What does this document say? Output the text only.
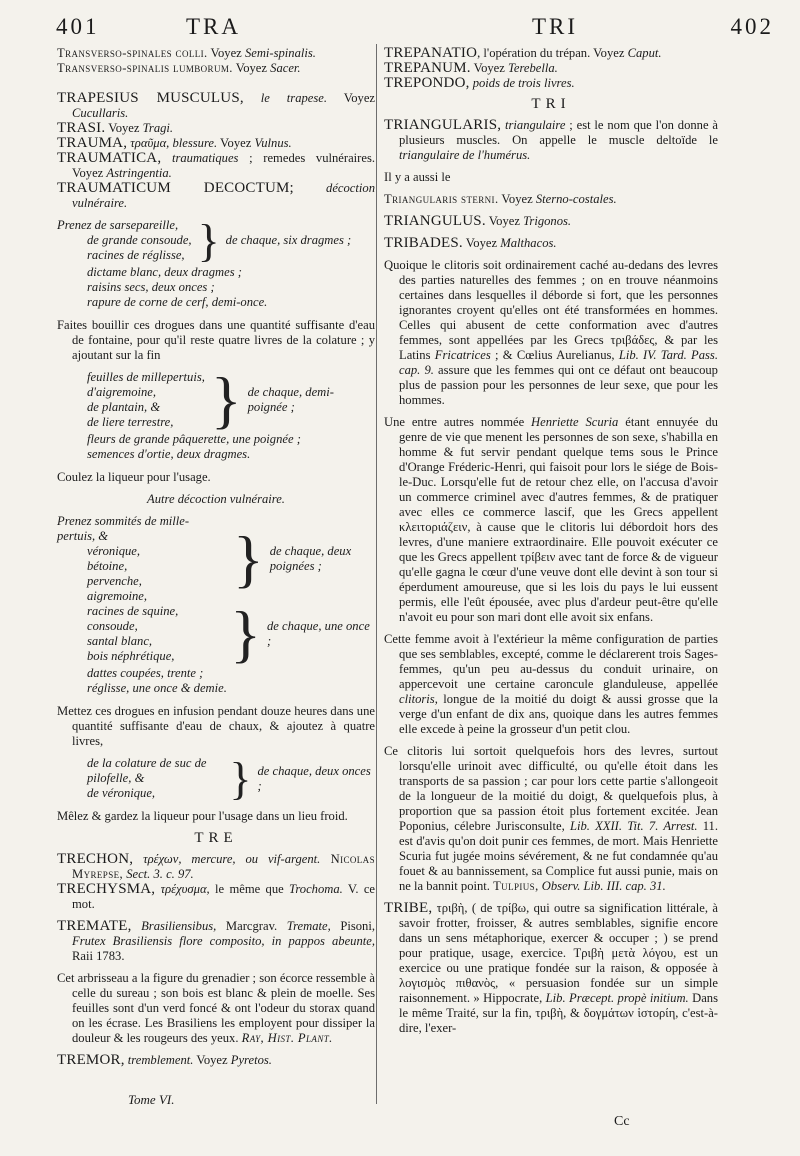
401	TRA	TRI	402

Transverso-spinales colli. Voyez Semi-spinalis.

Transverso-spinalis lumborum. Voyez Sacer.

TRAPESIUS MUSCULUS, le trapese. Voyez Cucullaris.

TRASI. Voyez Tragi.

TRAUMA, τραῦμα, blessure. Voyez Vulnus.

TRAUMATICA, traumatiques ; remedes vulnéraires. Voyez Astringentia.

TRAUMATICUM DECOCTUM; décoction vulnéraire.

Prenez de sarsepareille,
de grande consoude,
racines de réglisse, } de chaque, six dragmes ;
dictame blanc, deux dragmes ;
raisins secs, deux onces ;
rapure de corne de cerf, demi-once.

Faites bouillir ces drogues dans une quantité suffisante d'eau de fontaine, pour qu'il reste quatre livres de la colature ; y ajoutant sur la fin

feuilles de millepertuis,
d'aigremoine,
de plantain, &
de liere terrestre, } de chaque, demi-poignée ;
fleurs de grande pâquerette, une poignée ;
semences d'ortie, deux dragmes.

Coulez la liqueur pour l'usage.

Autre décoction vulnéraire.

Prenez sommités de mille-pertuis, &
véronique,
bétoine,
pervenche,
aigremoine,
} de chaque, deux poignées ;
racines de squine,
consoude,
santal blanc,
bois néphrétique, } de chaque, une once ;
dattes coupées, trente ;
réglisse, une once & demie.

Mettez ces drogues en infusion pendant douze heures dans une quantité suffisante d'eau de chaux, & ajoutez à quatre livres,

de la colature de suc de
pilofelle, &
de véronique,	} de chaque, deux onces ;

Mêlez & gardez la liqueur pour l'usage dans un lieu froid.

TRE

TRECHON, τρέχων, mercure, ou vif-argent. Nicolas Myrepse, Sect. 3. c. 97.

TRECHYSMA, τρέχυσμα, le même que Trochoma. V. ce mot.

TREMATE, Brasiliensibus, Marcgrav. Tremate, Pisoni, Frutex Brasiliensis flore composito, in pappos abeunte, Raii 1783.

Cet arbrisseau a la figure du grenadier ; son écorce ressemble à celle du sureau ; son bois est blanc & plein de moelle. Ses feuilles sont d'un verd foncé & ont l'odeur du storax quand on les écrase. Les Brasiliens les employent pour dissiper la douleur & les rougeurs des yeux. Ray, Hist. Plant.

TREMOR, tremblement. Voyez Pyretos.

TREPANATIO, l'opération du trépan. Voyez Caput.

TREPANUM. Voyez Terebella.

TREPONDO, poids de trois livres.

TRI

TRIANGULARIS, triangulaire ; est le nom que l'on donne à plusieurs muscles. On appelle le muscle deltoïde le triangulaire de l'humérus.

Il y a aussi le

Triangularis sterni. Voyez Sterno-costales.

TRIANGULUS. Voyez Trigonos.

TRIBADES. Voyez Malthacos.

Quoique le clitoris soit ordinairement caché au-dedans des levres des parties naturelles des femmes ; on en trouve néanmoins certaines dans lesquelles il déborde si fort, que les personnes ignorantes croyent qu'elles ont été transformées en hommes. Celles qui abusent de cette conformation avec d'autres femmes, sont appellées par les Grecs τριβάδες, & par les Latins Fricatrices ; & Cœlius Aurelianus, Lib. IV. Tard. Pass. cap. 9. assure que les femmes qui ont ce défaut ont beaucoup plus de passion pour les personnes de leur sexe, que pour les hommes.

Une entre autres nommée Henriette Scuria étant ennuyée du genre de vie que menent les personnes de son sexe, s'habilla en homme & fut servir pendant quelque tems sous le Prince d'Orange Fréderic-Henri, qui faisoit pour lors le siége de Bois-le-Duc. Lorsqu'elle fut de retour chez elle, on l'accusa d'avoir un commerce criminel avec d'autres femmes, & de pratiquer avec elles ce commerce lascif, que les Grecs appellent κλειτοριάζειν, à cause que le clitoris lui débordoit hors des levres, d'une maniere extraordinaire. Elle pouvoit exécuter ce que les Grecs appellent τρίβειν avec tant de force & de vigueur qu'elle gagna le cœur d'une veuve dont elle devint à son tour si éperdument amoureuse, que si les lois du pays le lui eussent permis, elle l'eût épousée, avec plus d'ardeur peut-être qu'elle n'avoit eu pour son mari dont elle avoit six enfans.

Cette femme avoit à l'extérieur la même configuration de parties que ses semblables, excepté, comme le déclarerent trois Sages-femmes, qu'un peu au-dessus du conduit urinaire, on appercevoit une certaine caroncule glanduleuse, appellée clitoris, longue de la moitié du doigt & aussi grosse que la verge d'un enfant de dix ans, quoique dans les autres femmes elle excede à peine la grosseur d'un petit clou.

Ce clitoris lui sortoit quelquefois hors des levres, surtout lorsqu'elle urinoit avec difficulté, ou qu'elle étoit dans les transports de sa passion ; car pour lors cette partie s'allongeoit de la longueur de la moitié du doigt, & quelquefois plus, à proportion que sa passion étoit plus fortement excitée. Jean Poponius, célebre Jurisconsulte, Lib. XXII. Tit. 7. Arrest. 11. est d'avis qu'on doit punir ces femmes, de mort. Mais Henriette Scuria fut jugée moins sévérement, & ne fut condamnée qu'au fouet & au bannissement, sa Complice fut aussi punie, mais on ne la bannit point. Tulpius, Observ. Lib. III. cap. 31.

TRIBE, τριβὴ, ( de τρίβω, qui outre sa signification littérale, à savoir frotter, froisser, & autres semblables, signifie encore dans un sens métaphorique, exercer & occuper ; ) se prend pour pratique, usage, exercice. Τριβὴ μετὰ λόγου, est un exercice ou une pratique fondée sur la raison, & opposée à λογισμὸς πιθανὸς, « persuasion fondée sur un simple raisonnement. » Hippocrate, Lib. Præcept. propè initium. Dans le même Traité, sur la fin, τριβὴ, & δογμάτων ἱστορίη, c'est-à-dire, l'exer-

Tome VI.
Cc
